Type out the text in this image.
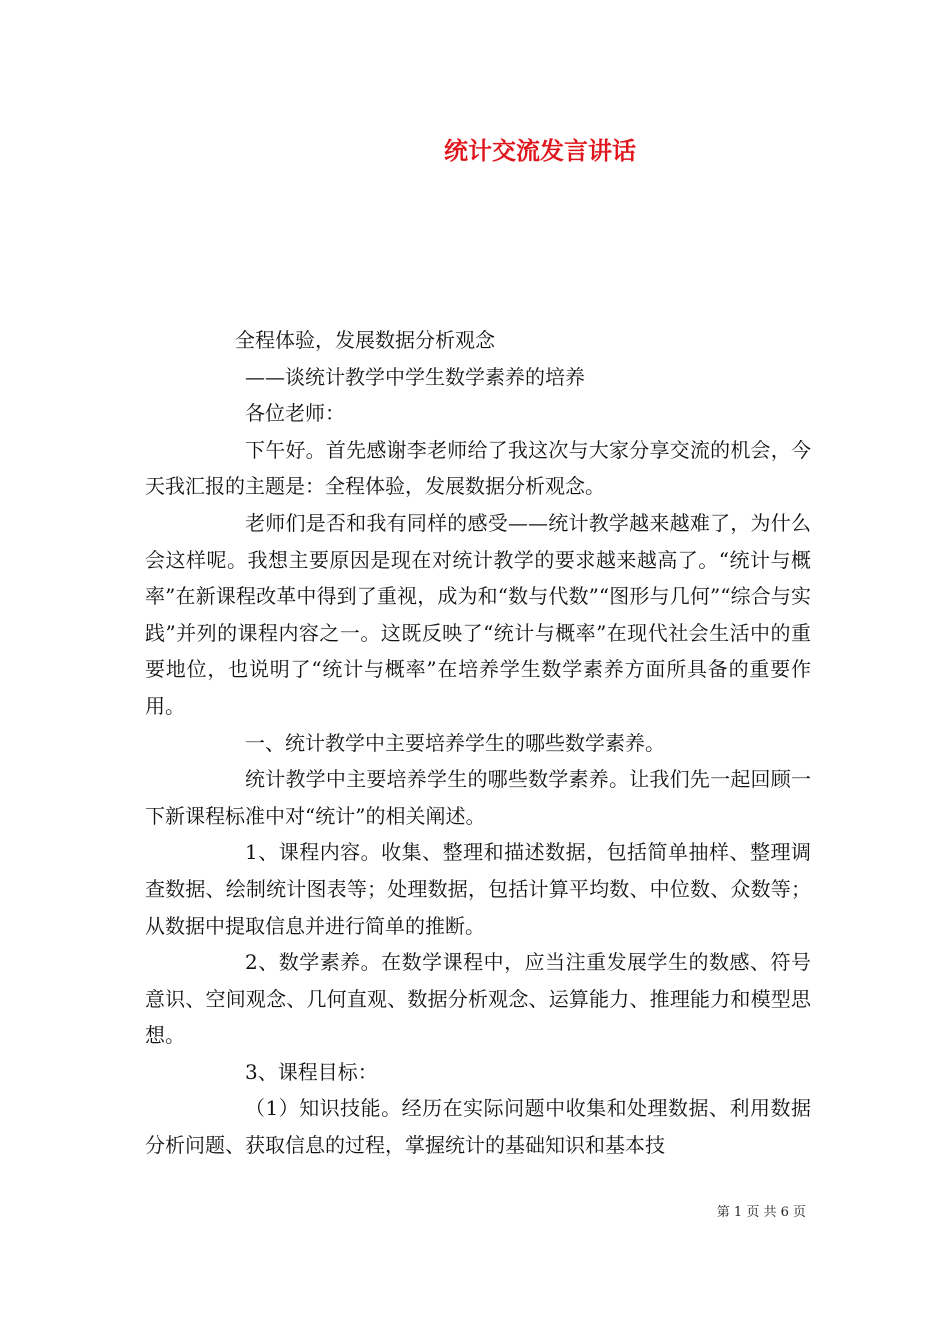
统计交流发言讲话

全程体验，发展数据分析观念

——谈统计教学中学生数学素养的培养

各位老师：

下午好。首先感谢李老师给了我这次与大家分享交流的机会，今天我汇报的主题是：全程体验，发展数据分析观念。

老师们是否和我有同样的感受——统计教学越来越难了，为什么会这样呢。我想主要原因是现在对统计教学的要求越来越高了。“统计与概率”在新课程改革中得到了重视，成为和“数与代数”“图形与几何”“综合与实践”并列的课程内容之一。这既反映了“统计与概率”在现代社会生活中的重要地位，也说明了“统计与概率”在培养学生数学素养方面所具备的重要作用。

一、统计教学中主要培养学生的哪些数学素养。

统计教学中主要培养学生的哪些数学素养。让我们先一起回顾一下新课程标准中对“统计”的相关阐述。

1、课程内容。收集、整理和描述数据，包括简单抽样、整理调查数据、绘制统计图表等；处理数据，包括计算平均数、中位数、众数等；从数据中提取信息并进行简单的推断。

2、数学素养。在数学课程中，应当注重发展学生的数感、符号意识、空间观念、几何直观、数据分析观念、运算能力、推理能力和模型思想。

3、课程目标：

（1）知识技能。经历在实际问题中收集和处理数据、利用数据分析问题、获取信息的过程，掌握统计的基础知识和基本技

第 1 页 共 6 页
